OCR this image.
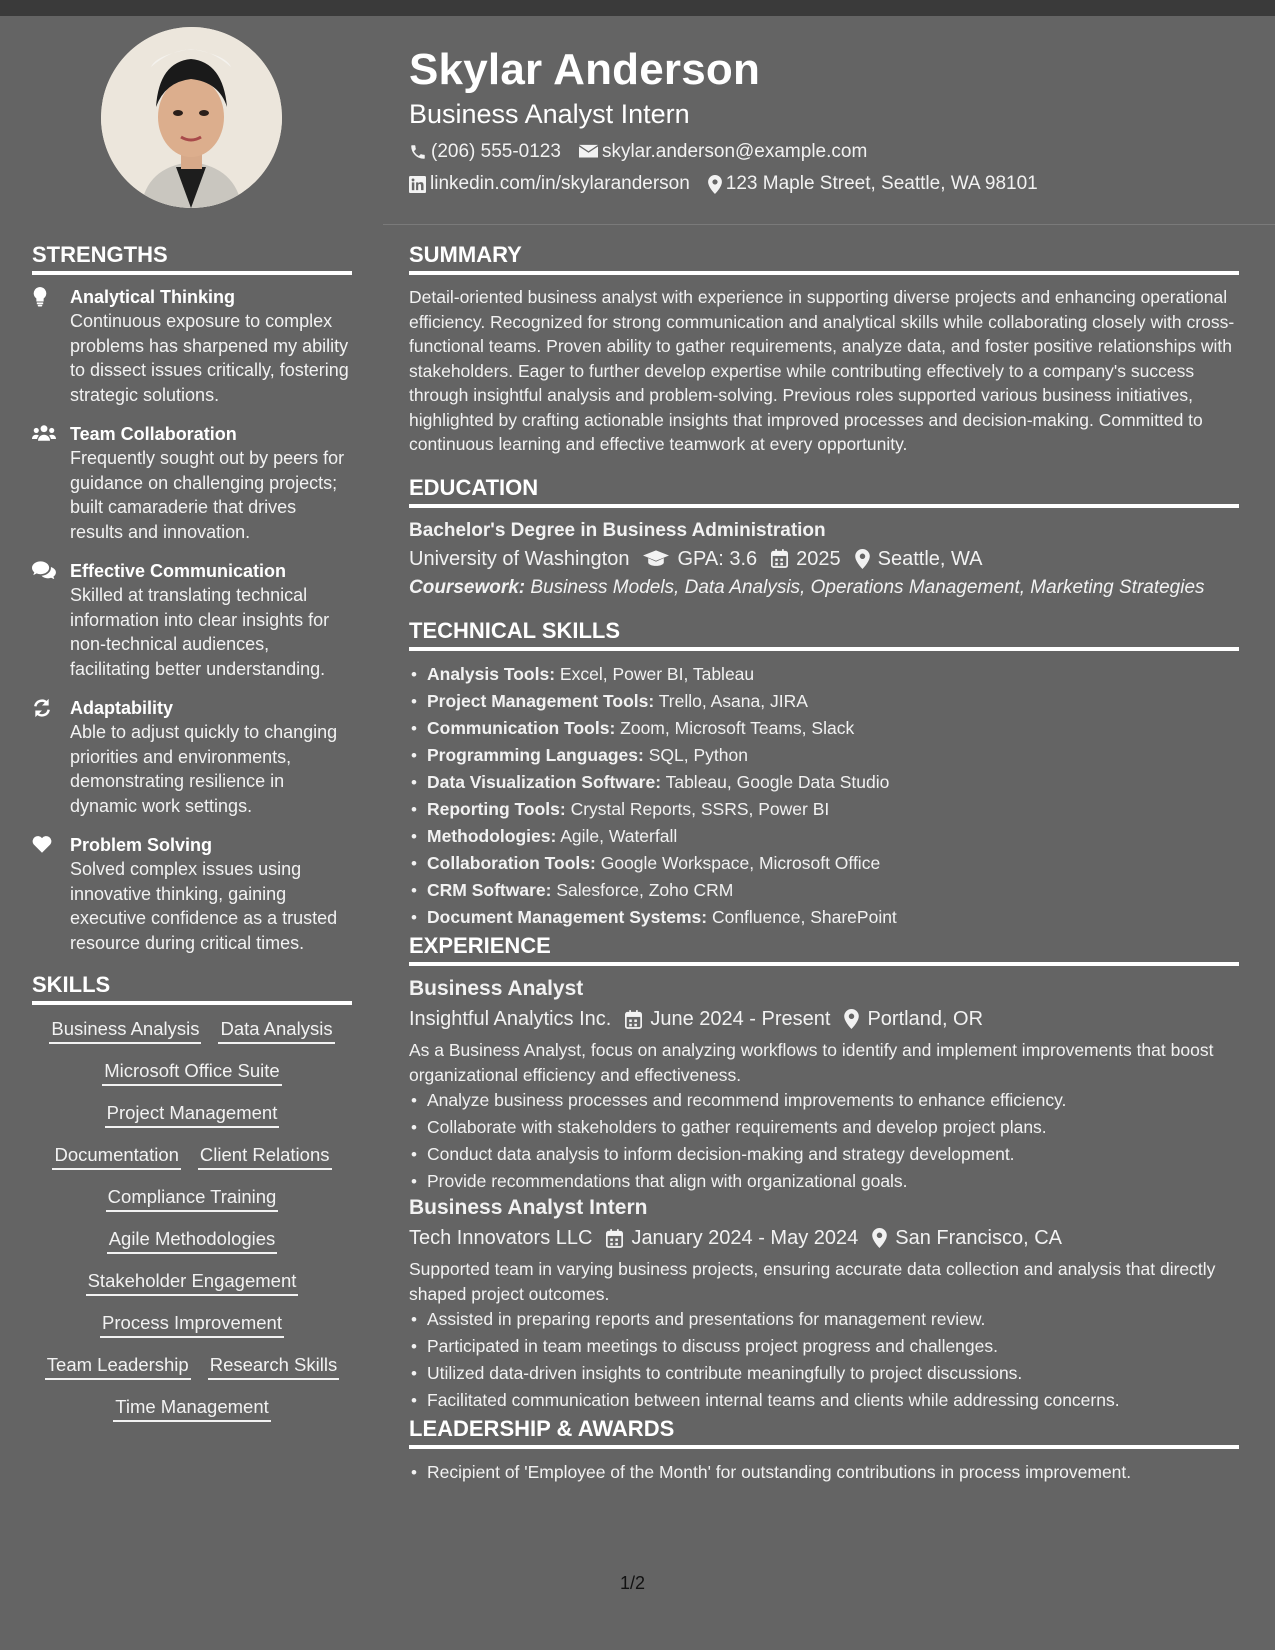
Skylar Anderson
Business Analyst Intern
(206) 555-0123 skylar.anderson@example.com
linkedin.com/in/skylaranderson 123 Maple Street, Seattle, WA 98101
STRENGTHS
Analytical Thinking
Continuous exposure to complex problems has sharpened my ability to dissect issues critically, fostering strategic solutions.
Team Collaboration
Frequently sought out by peers for guidance on challenging projects; built camaraderie that drives results and innovation.
Effective Communication
Skilled at translating technical information into clear insights for non-technical audiences, facilitating better understanding.
Adaptability
Able to adjust quickly to changing priorities and environments, demonstrating resilience in dynamic work settings.
Problem Solving
Solved complex issues using innovative thinking, gaining executive confidence as a trusted resource during critical times.
SKILLS
Business Analysis Data Analysis
Microsoft Office Suite
Project Management
Documentation Client Relations
Compliance Training
Agile Methodologies
Stakeholder Engagement
Process Improvement
Team Leadership Research Skills
Time Management
SUMMARY
Detail-oriented business analyst with experience in supporting diverse projects and enhancing operational efficiency. Recognized for strong communication and analytical skills while collaborating closely with cross-functional teams. Proven ability to gather requirements, analyze data, and foster positive relationships with stakeholders. Eager to further develop expertise while contributing effectively to a company's success through insightful analysis and problem-solving. Previous roles supported various business initiatives, highlighted by crafting actionable insights that improved processes and decision-making. Committed to continuous learning and effective teamwork at every opportunity.
EDUCATION
Bachelor's Degree in Business Administration
University of Washington GPA: 3.6 2025 Seattle, WA
Coursework: Business Models, Data Analysis, Operations Management, Marketing Strategies
TECHNICAL SKILLS
• Analysis Tools: Excel, Power BI, Tableau
• Project Management Tools: Trello, Asana, JIRA
• Communication Tools: Zoom, Microsoft Teams, Slack
• Programming Languages: SQL, Python
• Data Visualization Software: Tableau, Google Data Studio
• Reporting Tools: Crystal Reports, SSRS, Power BI
• Methodologies: Agile, Waterfall
• Collaboration Tools: Google Workspace, Microsoft Office
• CRM Software: Salesforce, Zoho CRM
• Document Management Systems: Confluence, SharePoint
EXPERIENCE
Business Analyst
Insightful Analytics Inc. June 2024 - Present Portland, OR
As a Business Analyst, focus on analyzing workflows to identify and implement improvements that boost organizational efficiency and effectiveness.
• Analyze business processes and recommend improvements to enhance efficiency.
• Collaborate with stakeholders to gather requirements and develop project plans.
• Conduct data analysis to inform decision-making and strategy development.
• Provide recommendations that align with organizational goals.
Business Analyst Intern
Tech Innovators LLC January 2024 - May 2024 San Francisco, CA
Supported team in varying business projects, ensuring accurate data collection and analysis that directly shaped project outcomes.
• Assisted in preparing reports and presentations for management review.
• Participated in team meetings to discuss project progress and challenges.
• Utilized data-driven insights to contribute meaningfully to project discussions.
• Facilitated communication between internal teams and clients while addressing concerns.
LEADERSHIP & AWARDS
• Recipient of 'Employee of the Month' for outstanding contributions in process improvement.
1/2
